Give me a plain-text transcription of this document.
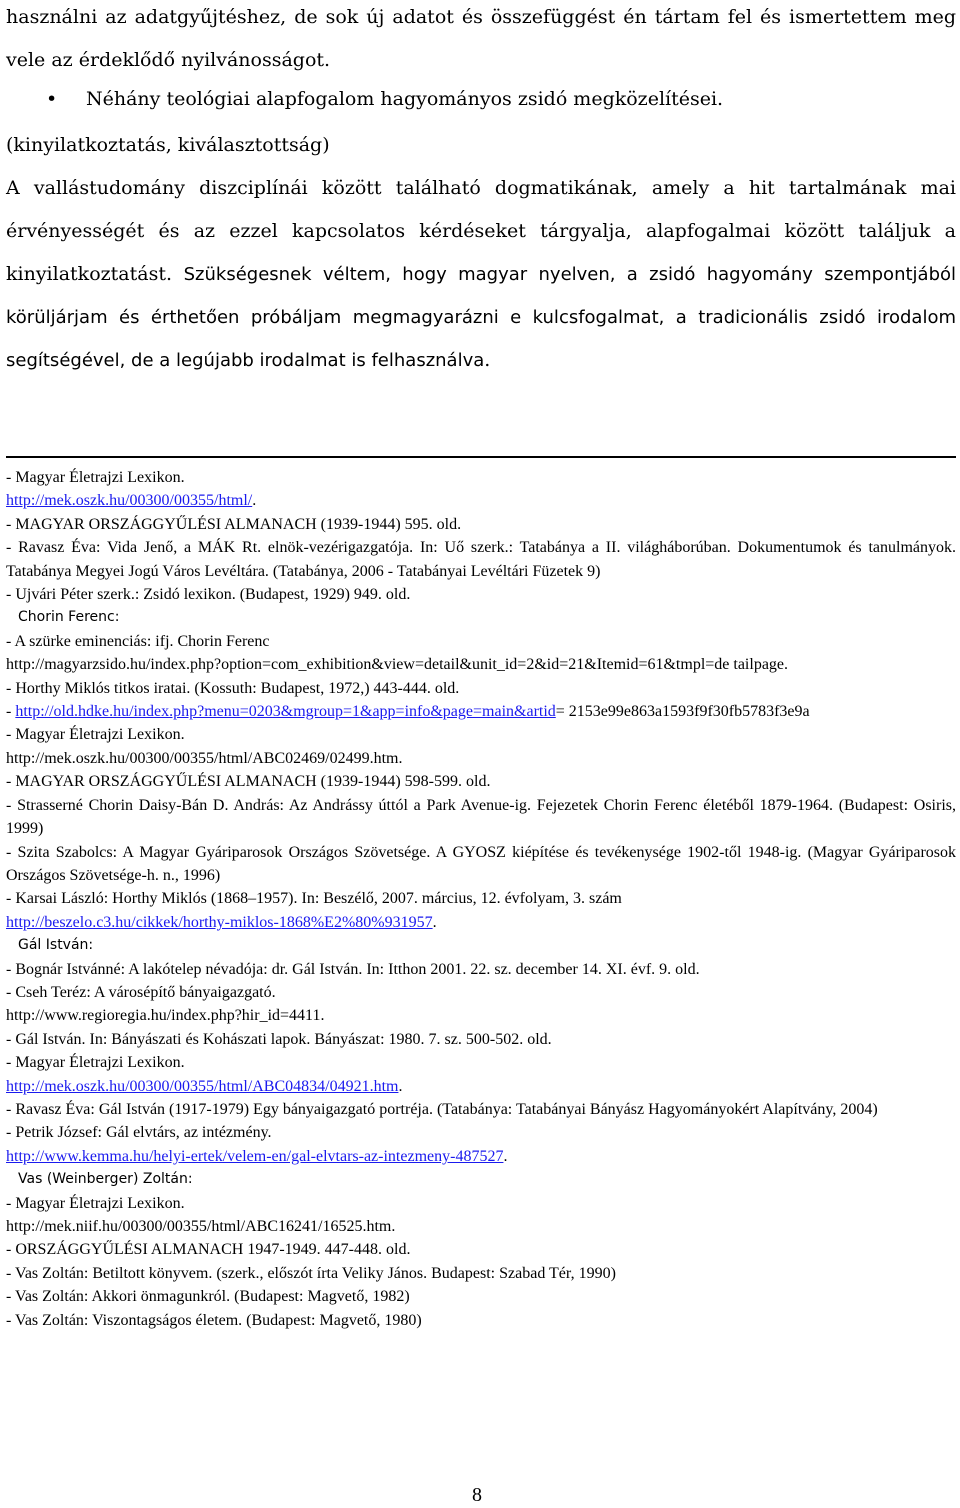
használni az adatgyűjtéshez, de sok új adatot és összefüggést én tártam fel és ismertettem meg vele az érdeklődő nyilvánosságot.

• Néhány teológiai alapfogalom hagyományos zsidó megközelítései.

(kinyilatkoztatás, kiválasztottság)

A vallástudomány diszciplínái között található dogmatikának, amely a hit tartalmának mai érvényességét és az ezzel kapcsolatos kérdéseket tárgyalja, alapfogalmai között találjuk a kinyilatkoztatást. Szükségesnek véltem, hogy magyar nyelven, a zsidó hagyomány szempontjából körüljárjam és érthetően próbáljam megmagyarázni e kulcsfogalmat, a tradicionális zsidó irodalom segítségével, de a legújabb irodalmat is felhasználva.

- Magyar Életrajzi Lexikon.

http://mek.oszk.hu/00300/00355/html/.

- MAGYAR ORSZÁGGYŰLÉSI ALMANACH (1939-1944) 595. old.

- Ravasz Éva: Vida Jenő, a MÁK Rt. elnök-vezérigazgatója. In: Uő szerk.: Tatabánya a II. világháborúban. Dokumentumok és tanulmányok. Tatabánya Megyei Jogú Város Levéltára. (Tatabánya, 2006 - Tatabányai Levéltári Füzetek 9)

- Ujvári Péter szerk.: Zsidó lexikon. (Budapest, 1929) 949. old.

Chorin Ferenc:

- A szürke eminenciás: ifj. Chorin Ferenc

http://magyarzsido.hu/index.php?option=com_exhibition&view=detail&unit_id=2&id=21&Itemid=61&tmpl=de tailpage.

- Horthy Miklós titkos iratai. (Kossuth: Budapest, 1972,) 443-444. old.

- http://old.hdke.hu/index.php?menu=0203&mgroup=1&app=info&page=main&artid= 2153e99e863a1593f9f30fb5783f3e9a

- Magyar Életrajzi Lexikon.

http://mek.oszk.hu/00300/00355/html/ABC02469/02499.htm.

- MAGYAR ORSZÁGGYŰLÉSI ALMANACH (1939-1944) 598-599. old.

- Strasserné Chorin Daisy-Bán D. András: Az Andrássy úttól a Park Avenue-ig. Fejezetek Chorin Ferenc életéből 1879-1964. (Budapest: Osiris, 1999)

- Szita Szabolcs: A Magyar Gyáriparosok Országos Szövetsége. A GYOSZ kiépítése és tevékenysége 1902-től 1948-ig. (Magyar Gyáriparosok Országos Szövetsége-h. n., 1996)

- Karsai László: Horthy Miklós (1868–1957). In: Beszélő, 2007. március, 12. évfolyam, 3. szám

http://beszelo.c3.hu/cikkek/horthy-miklos-1868%E2%80%931957.

Gál István:

- Bognár Istvánné: A lakótelep névadója: dr. Gál István. In: Itthon 2001. 22. sz. december 14. XI. évf. 9. old.

- Cseh Teréz: A városépítő bányaigazgató.

http://www.regioregia.hu/index.php?hir_id=4411.

- Gál István. In: Bányászati és Kohászati lapok. Bányászat: 1980. 7. sz. 500-502. old.

- Magyar Életrajzi Lexikon.

http://mek.oszk.hu/00300/00355/html/ABC04834/04921.htm.

- Ravasz Éva: Gál István (1917-1979) Egy bányaigazgató portréja. (Tatabánya: Tatabányai Bányász Hagyományokért Alapítvány, 2004)

- Petrik József: Gál elvtárs, az intézmény.

http://www.kemma.hu/helyi-ertek/velem-en/gal-elvtars-az-intezmeny-487527.

Vas (Weinberger) Zoltán:

- Magyar Életrajzi Lexikon.

http://mek.niif.hu/00300/00355/html/ABC16241/16525.htm.

- ORSZÁGGYŰLÉSI ALMANACH 1947-1949. 447-448. old.

- Vas Zoltán: Betiltott könyvem. (szerk., előszót írta Veliky János. Budapest: Szabad Tér, 1990)

- Vas Zoltán: Akkori önmagunkról. (Budapest: Magvető, 1982)

- Vas Zoltán: Viszontagságos életem. (Budapest: Magvető, 1980)

8
